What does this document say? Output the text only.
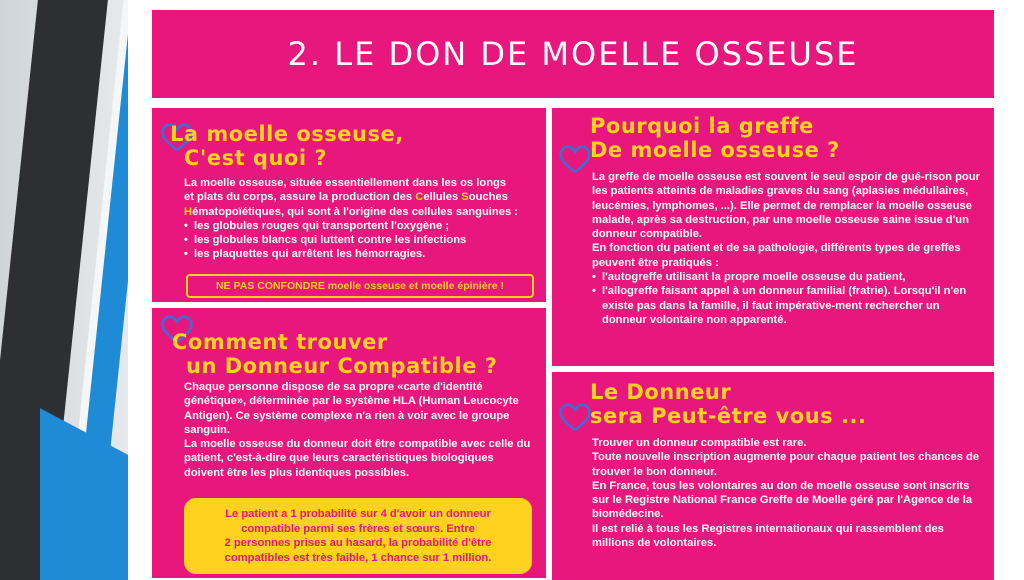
2. LE DON DE MOELLE OSSEUSE
La moelle osseuse,
C'est quoi ?

La moelle osseuse, située essentiellement dans les os longs

et plats du corps, assure la production des Cellules Souches

Hématopoïétiques, qui sont à l'origine des cellules sanguines :

• les globules rouges qui transportent l'oxygène ;
• les globules blancs qui luttent contre les infections
• les plaquettes qui arrêtent les hémorragies.
NE PAS CONFONDRE moelle osseuse et moelle épinière !
Comment trouver
un Donneur Compatible ?

Chaque personne dispose de sa propre «carte d'identité génétique», déterminée par le système HLA (Human Leucocyte Antigen). Ce système complexe n'a rien à voir avec le groupe sanguin.

La moelle osseuse du donneur doit être compatible avec celle du patient, c'est-à-dire que leurs caractéristiques biologiques doivent être les plus identiques possibles.

Le patient a 1 probabilité sur 4 d'avoir un donneur
compatible parmi ses frères et sœurs. Entre
2 personnes prises au hasard, la probabilité d'être
compatibles est très faible, 1 chance sur 1 million.
Pourquoi la greffe
De moelle osseuse ?

La greffe de moelle osseuse est souvent le seul espoir de gué-rison pour les patients atteints de maladies graves du sang (aplasies médullaires, leucémies, lymphomes, ...). Elle permet de remplacer la moelle osseuse malade, après sa destruction, par une moelle osseuse saine issue d'un donneur compatible.

En fonction du patient et de sa pathologie, différents types de greffes peuvent être pratiqués :

• l'autogreffe utilisant la propre moelle osseuse du patient,
• l'allogreffe faisant appel à un donneur familial (fratrie). Lorsqu'il n'en existe pas dans la famille, il faut impérative-ment rechercher un donneur volontaire non apparenté.
Le Donneur
sera Peut-être vous ...

Trouver un donneur compatible est rare.

Toute nouvelle inscription augmente pour chaque patient les chances de trouver le bon donneur.

En France, tous les volontaires au don de moelle osseuse sont inscrits sur le Registre National France Greffe de Moelle géré par l'Agence de la biomédecine.

Il est relié à tous les Registres internationaux qui rassemblent des millions de volontaires.
